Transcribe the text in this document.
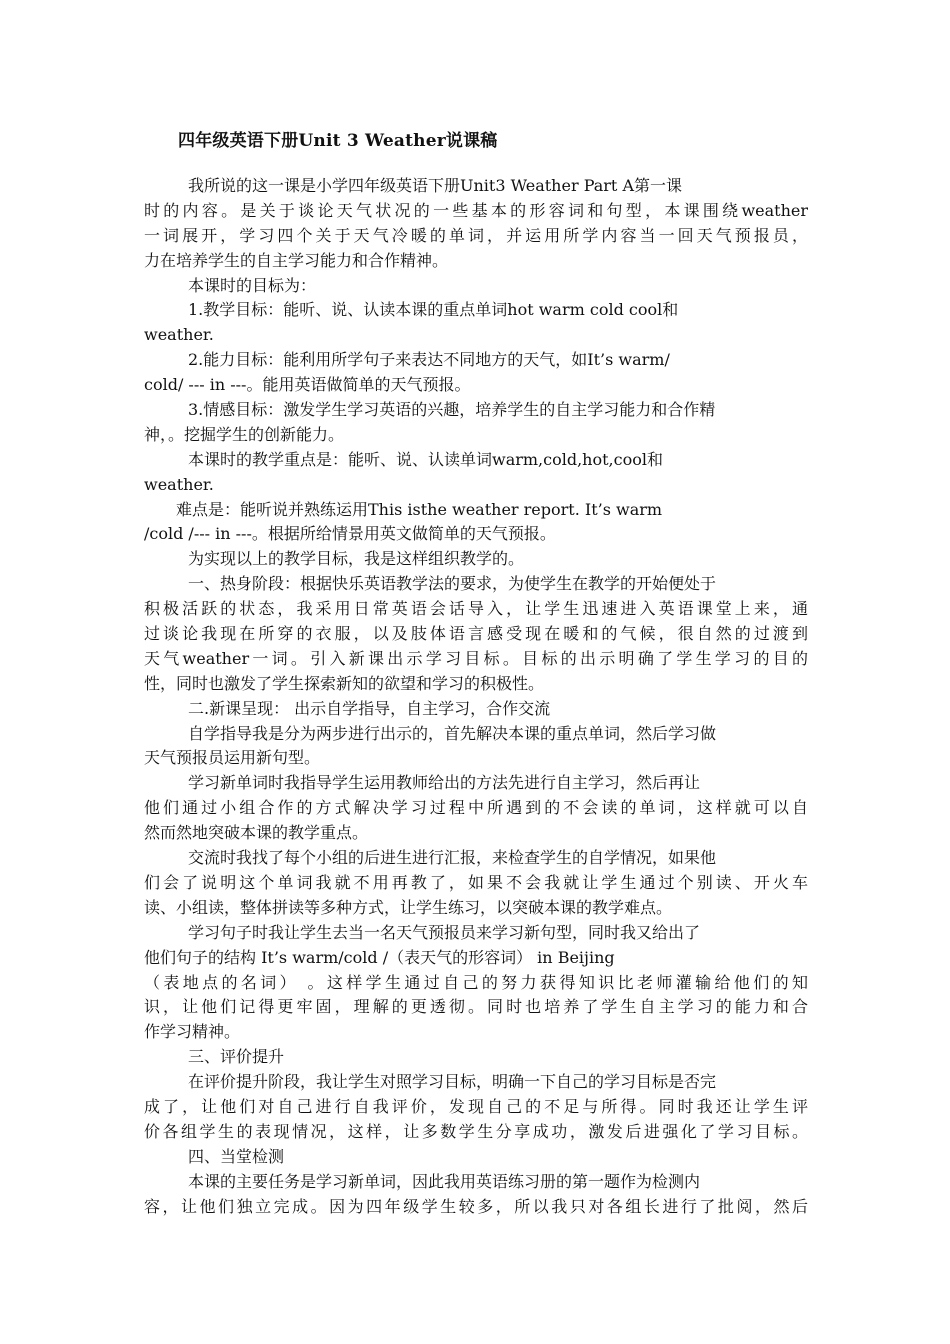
四年级英语下册Unit 3 Weather说课稿
我所说的这一课是小学四年级英语下册Unit3 Weather Part A第一课
时的内容。是关于谈论天气状况的一些基本的形容词和句型，本课围绕weather
一词展开，学习四个关于天气冷暖的单词，并运用所学内容当一回天气预报员，
力在培养学生的自主学习能力和合作精神。
本课时的目标为：
1.教学目标：能听、说、认读本课的重点单词hot warm cold cool和
weather.
2.能力目标：能利用所学句子来表达不同地方的天气，如It’s warm/
cold/ --- in ---。能用英语做简单的天气预报。
3.情感目标：激发学生学习英语的兴趣，培养学生的自主学习能力和合作精
神，。挖掘学生的创新能力。
本课时的教学重点是：能听、说、认读单词warm,cold,hot,cool和
weather.
难点是：能听说并熟练运用This isthe weather report. It’s warm
/cold /--- in ---。根据所给情景用英文做简单的天气预报。
为实现以上的教学目标，我是这样组织教学的。
一、热身阶段：根据快乐英语教学法的要求，为使学生在教学的开始便处于
积极活跃的状态，我采用日常英语会话导入，让学生迅速进入英语课堂上来，通
过谈论我现在所穿的衣服，以及肢体语言感受现在暖和的气候，很自然的过渡到
天气weather一词。引入新课出示学习目标。目标的出示明确了学生学习的目的
性，同时也激发了学生探索新知的欲望和学习的积极性。
二.新课呈现： 出示自学指导，自主学习，合作交流
自学指导我是分为两步进行出示的，首先解决本课的重点单词，然后学习做
天气预报员运用新句型。
学习新单词时我指导学生运用教师给出的方法先进行自主学习，然后再让
他们通过小组合作的方式解决学习过程中所遇到的不会读的单词，这样就可以自
然而然地突破本课的教学重点。
交流时我找了每个小组的后进生进行汇报，来检查学生的自学情况，如果他
们会了说明这个单词我就不用再教了，如果不会我就让学生通过个别读、开火车
读、小组读，整体拼读等多种方式，让学生练习，以突破本课的教学难点。
学习句子时我让学生去当一名天气预报员来学习新句型，同时我又给出了
他们句子的结构 It’s warm/cold /（表天气的形容词） in Beijing
（表地点的名词） 。这样学生通过自己的努力获得知识比老师灌输给他们的知
识，让他们记得更牢固，理解的更透彻。同时也培养了学生自主学习的能力和合
作学习精神。
三、评价提升
在评价提升阶段，我让学生对照学习目标，明确一下自己的学习目标是否完
成了，让他们对自己进行自我评价，发现自己的不足与所得。同时我还让学生评
价各组学生的表现情况，这样，让多数学生分享成功，激发后进强化了学习目标。
四、当堂检测
本课的主要任务是学习新单词，因此我用英语练习册的第一题作为检测内
容，让他们独立完成。因为四年级学生较多，所以我只对各组长进行了批阅，然后
